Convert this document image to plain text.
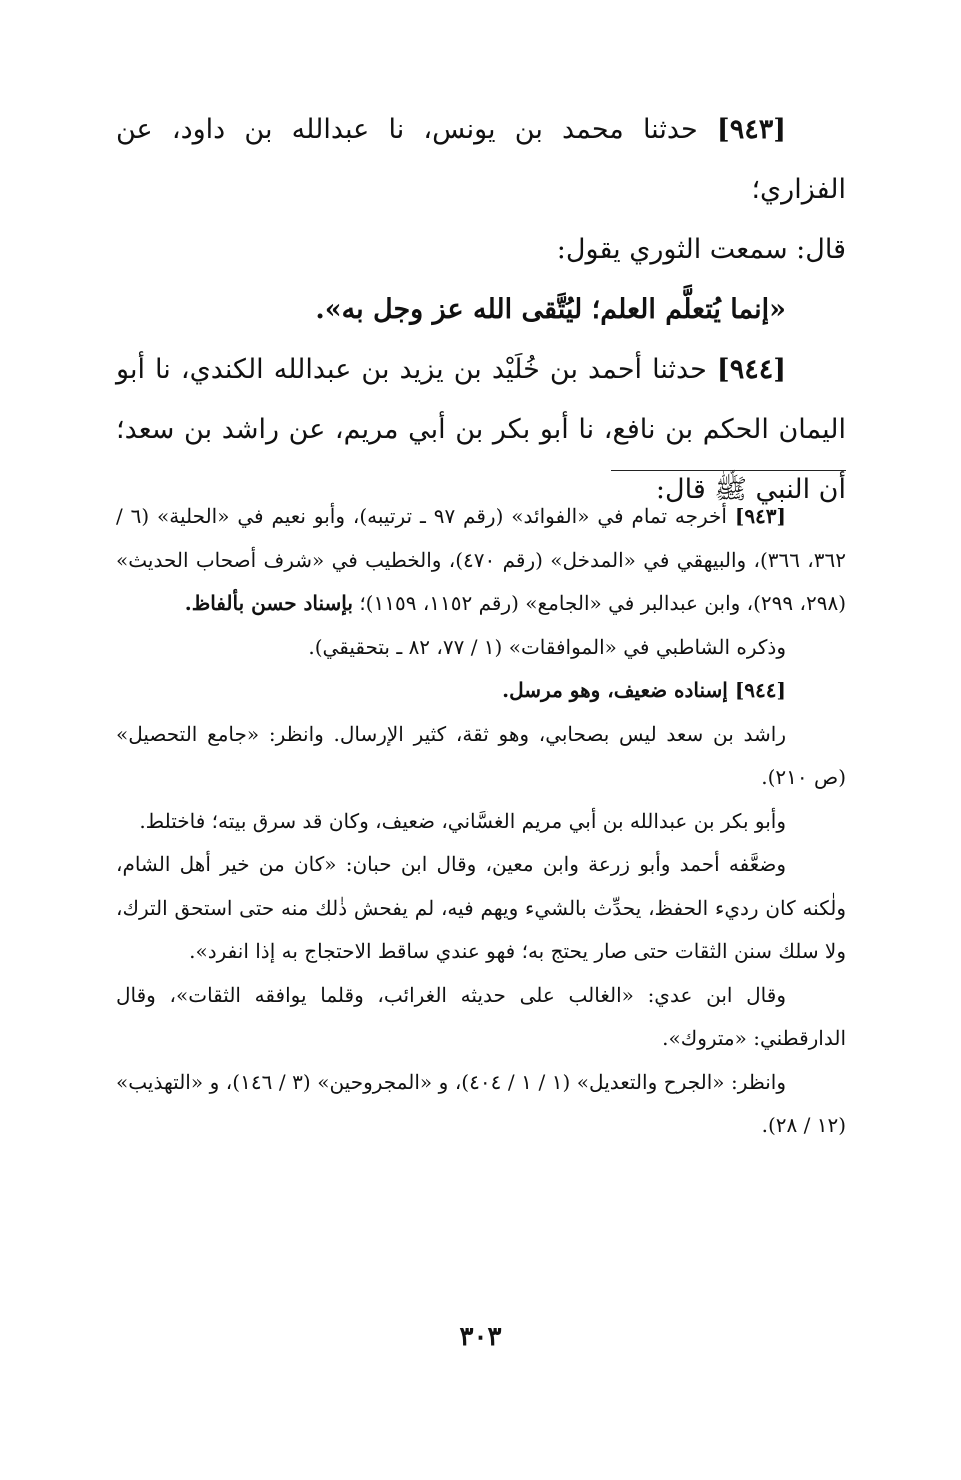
[٩٤٣] حدثنا محمد بن يونس، نا عبدالله بن داود، عن الفزاري؛

قال: سمعت الثوري يقول:

«إنما يُتعلَّم العلم؛ ليُتَّقى الله عز وجل به».

[٩٤٤] حدثنا أحمد بن خُلَيْد بن يزيد بن عبدالله الكندي، نا أبو اليمان الحكم بن نافع، نا أبو بكر بن أبي مريم، عن راشد بن سعد؛ أن النبي ﷺ قال:

[٩٤٣] أخرجه تمام في «الفوائد» (رقم ٩٧ ـ ترتيبه)، وأبو نعيم في «الحلية» (٦ / ٣٦٢، ٣٦٦)، والبيهقي في «المدخل» (رقم ٤٧٠)، والخطيب في «شرف أصحاب الحديث» (٢٩٨، ٢٩٩)، وابن عبدالبر في «الجامع» (رقم ١١٥٢، ١١٥٩)؛ بإسناد حسن بألفاظ.

وذكره الشاطبي في «الموافقات» (١ / ٧٧، ٨٢ ـ بتحقيقي).

[٩٤٤] إسناده ضعيف، وهو مرسل.

راشد بن سعد ليس بصحابي، وهو ثقة، كثير الإرسال. وانظر: «جامع التحصيل» (ص ٢١٠).

وأبو بكر بن عبدالله بن أبي مريم الغسَّاني، ضعيف، وكان قد سرق بيته؛ فاختلط.

وضعَّفه أحمد وأبو زرعة وابن معين، وقال ابن حبان: «كان من خير أهل الشام، ولٰكنه كان رديء الحفظ، يحدِّث بالشيء ويهم فيه، لم يفحش ذٰلك منه حتى استحق الترك، ولا سلك سنن الثقات حتى صار يحتج به؛ فهو عندي ساقط الاحتجاج به إذا انفرد».

وقال ابن عدي: «الغالب على حديثه الغرائب، وقلما يوافقه الثقات»، وقال الدارقطني: «متروك».

وانظر: «الجرح والتعديل» (١ / ١ / ٤٠٤)، و «المجروحين» (٣ / ١٤٦)، و «التهذيب» (١٢ / ٢٨).

٣٠٣
